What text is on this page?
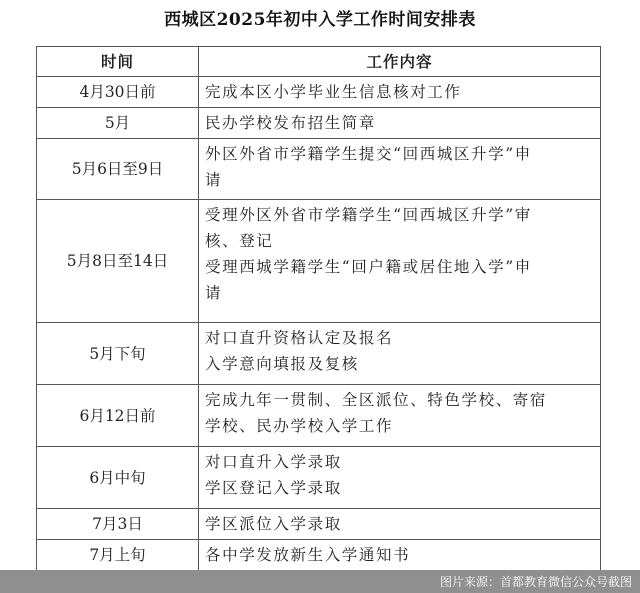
西城区2025年初中入学工作时间安排表
时间	工作内容
4月30日前	完成本区小学毕业生信息核对工作

5月	民办学校发布招生简章

5月6日至9日	外区外省市学籍学生提交“回西城区升学”申
请

5月8日至14日	受理外区外省市学籍学生“回西城区升学”审
核、登记
受理西城学籍学生“回户籍或居住地入学”申
请

5月下旬	对口直升资格认定及报名
入学意向填报及复核

6月12日前	完成九年一贯制、全区派位、特色学校、寄宿
学校、民办学校入学工作

6月中旬	对口直升入学录取
学区登记入学录取

7月3日	学区派位入学录取

7月上旬	各中学发放新生入学通知书
图片来源：首都教育微信公众号截图
